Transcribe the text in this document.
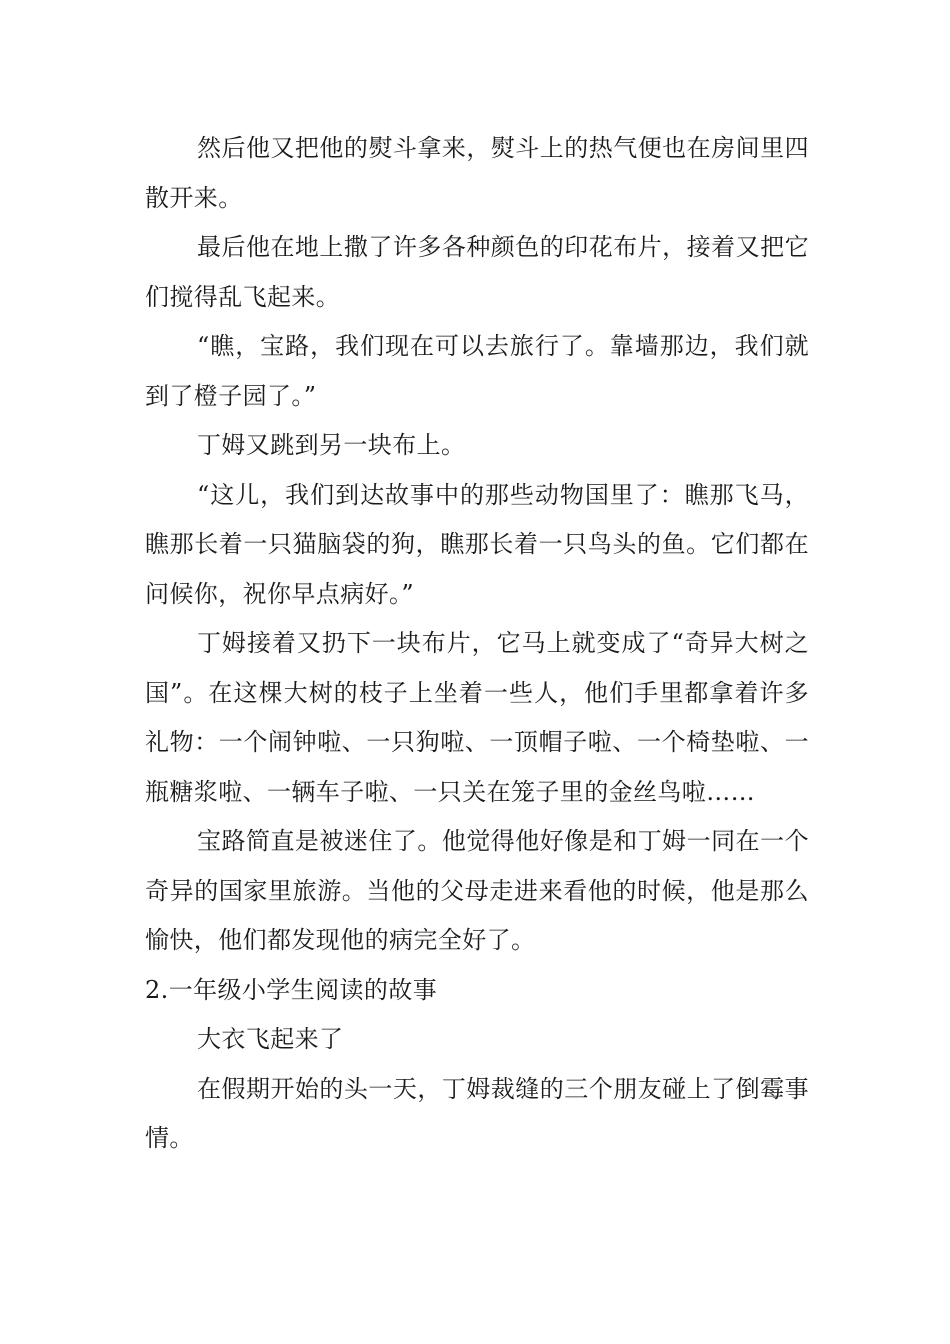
然后他又把他的熨斗拿来，熨斗上的热气便也在房间里四散开来。

最后他在地上撒了许多各种颜色的印花布片，接着又把它们搅得乱飞起来。

“瞧，宝路，我们现在可以去旅行了。靠墙那边，我们就到了橙子园了。”

丁姆又跳到另一块布上。

“这儿，我们到达故事中的那些动物国里了：瞧那飞马，瞧那长着一只猫脑袋的狗，瞧那长着一只鸟头的鱼。它们都在问候你，祝你早点病好。”

丁姆接着又扔下一块布片，它马上就变成了“奇异大树之国”。在这棵大树的枝子上坐着一些人，他们手里都拿着许多礼物：一个闹钟啦、一只狗啦、一顶帽子啦、一个椅垫啦、一瓶糖浆啦、一辆车子啦、一只关在笼子里的金丝鸟啦……

宝路简直是被迷住了。他觉得他好像是和丁姆一同在一个奇异的国家里旅游。当他的父母走进来看他的时候，他是那么愉快，他们都发现他的病完全好了。

2.一年级小学生阅读的故事

大衣飞起来了

在假期开始的头一天，丁姆裁缝的三个朋友碰上了倒霉事情。
